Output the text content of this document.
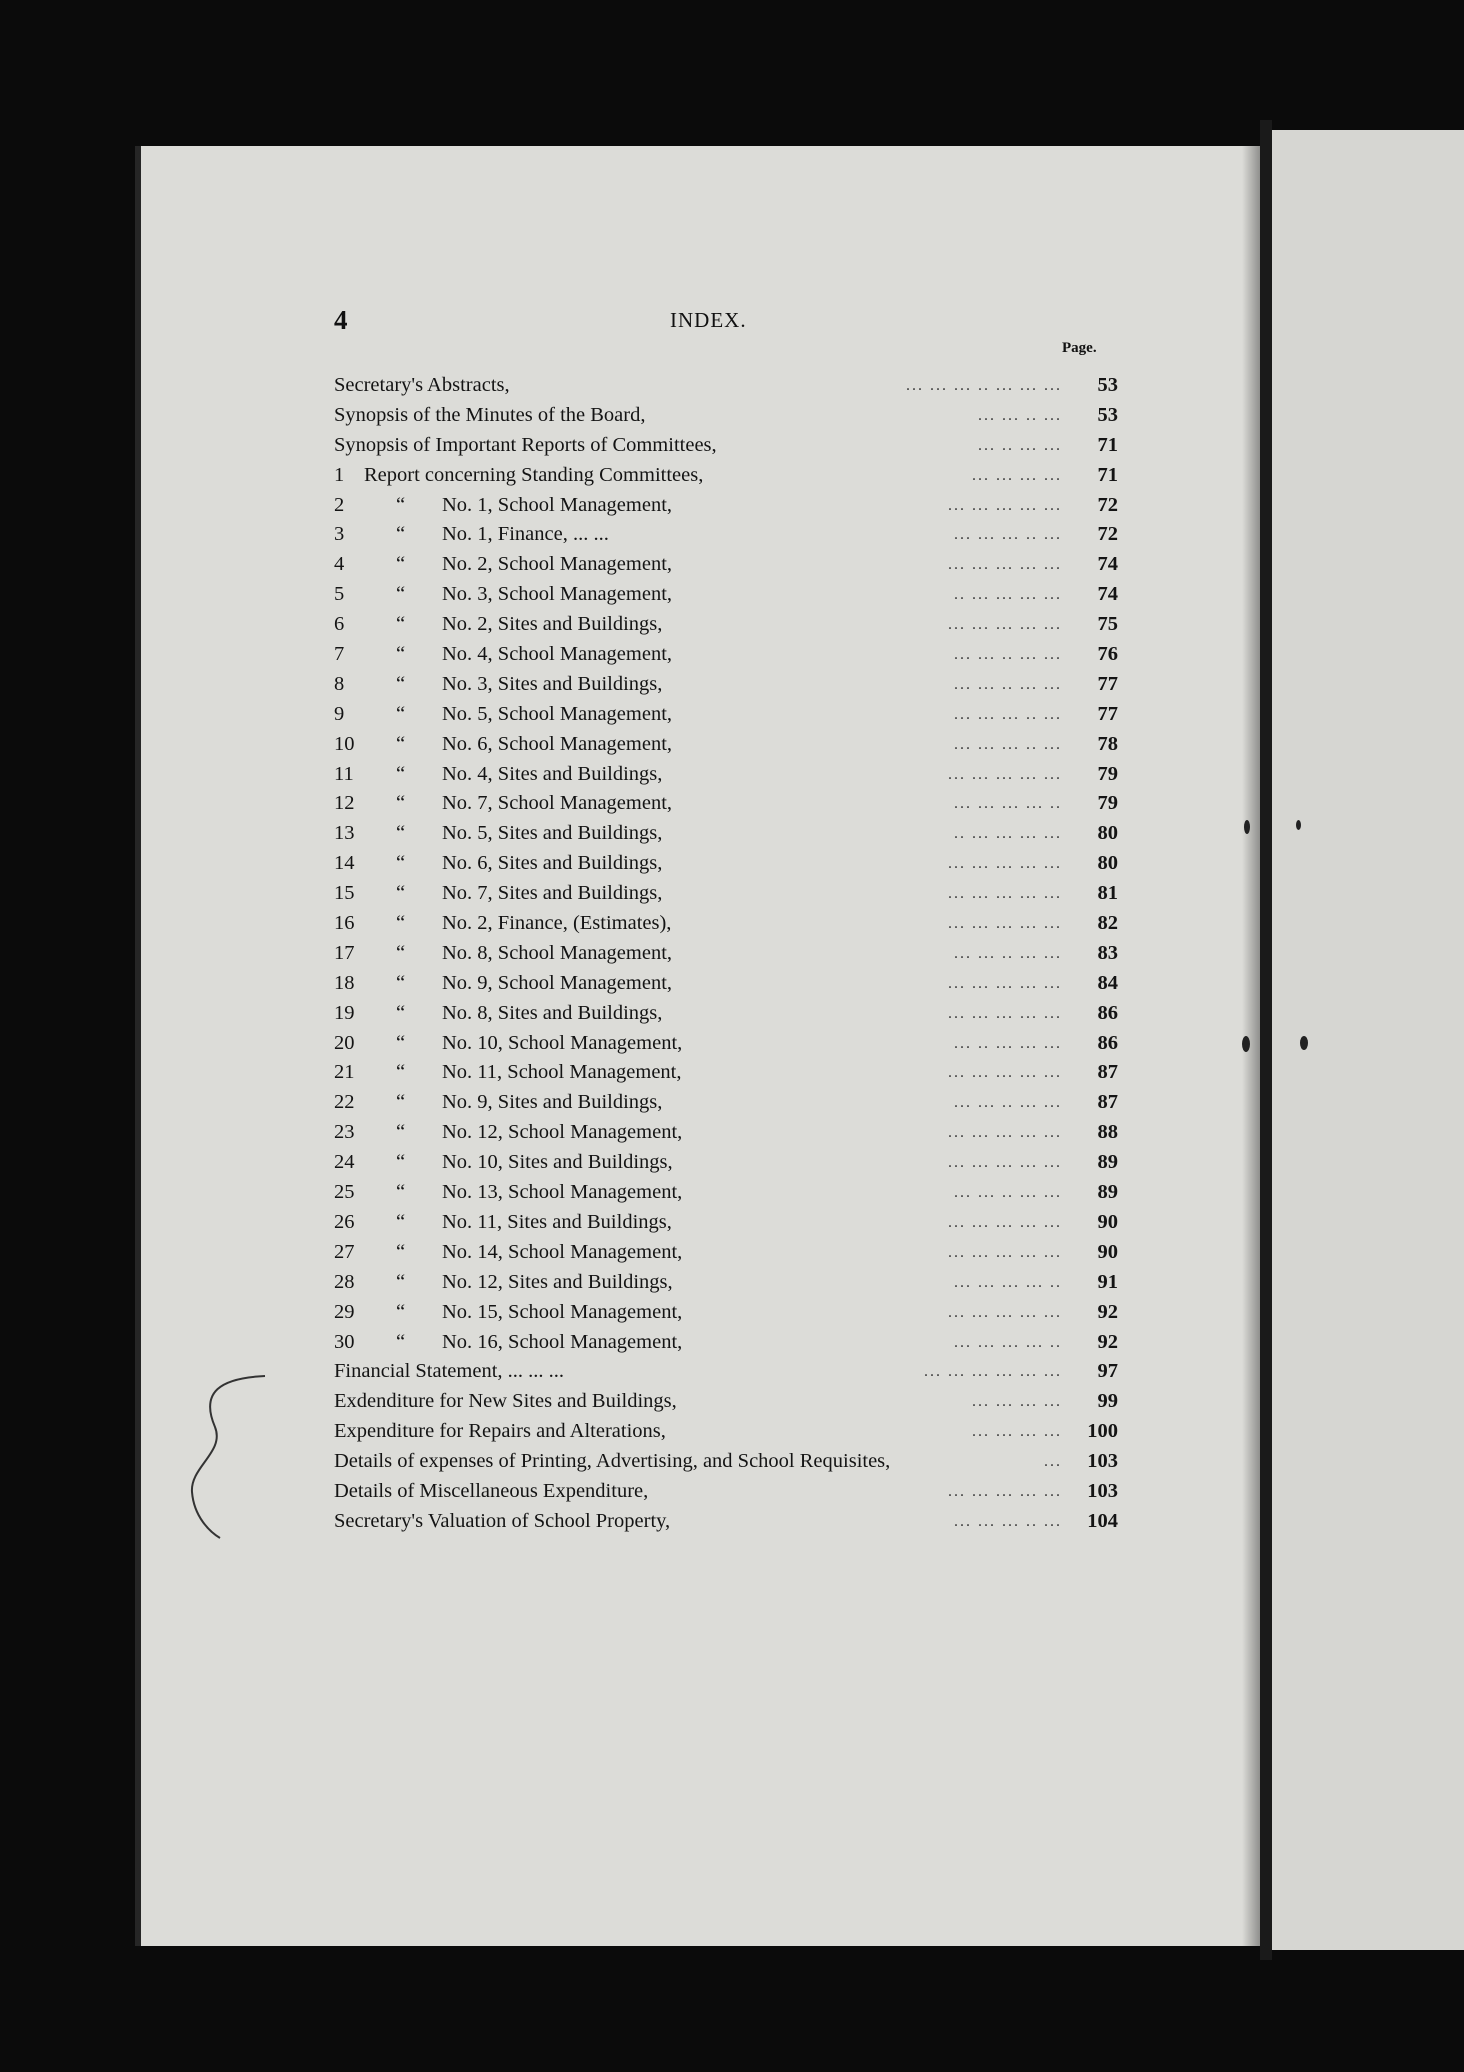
4	INDEX.
Page.
Secretary's Abstracts,	... ... ... .. ... ... ...	53
Synopsis of the Minutes of the Board,	... ... .. ...	53
Synopsis of Important Reports of Committees,	... .. ... ...	71
1 Report concerning Standing Committees,	... ... ... ...	71
2	“ No. 1, School Management,	... ... ... ... ...	72
3	“ No. 1, Finance, ... ...	... ... ... .. ...	72
4	“ No. 2, School Management,	... ... ... ... ...	74
5	“ No. 3, School Management,	.. ... ... ... ...	74
6	“ No. 2, Sites and Buildings,	... ... ... ... ...	75
7	“ No. 4, School Management,	... ... .. ... ...	76
8	“ No. 3, Sites and Buildings,	... ... .. ... ...	77
9	“ No. 5, School Management,	... ... ... .. ...	77
10 “ No. 6, School Management,	... ... ... .. ...	78
11 “ No. 4, Sites and Buildings,	... ... ... ... ...	79
12 “ No. 7, School Management,	... ... ... ... ..	79
13 “ No. 5, Sites and Buildings,	.. ... ... ... ...	80
14 “ No. 6, Sites and Buildings,	... ... ... ... ...	80
15 “ No. 7, Sites and Buildings,	... ... ... ... ...	81
16 “ No. 2, Finance, (Estimates),	... ... ... ... ...	82
17 “ No. 8, School Management,	... ... .. ... ...	83
18 “ No. 9, School Management,	... ... ... ... ...	84
19 “ No. 8, Sites and Buildings,	... ... ... ... ...	86
20 “ No. 10, School Management,	... .. ... ... ...	86
21 “ No. 11, School Management,	... ... ... ... ...	87
22 “ No. 9, Sites and Buildings,	... ... .. ... ...	87
23 “ No. 12, School Management,	... ... ... ... ...	88
24 “ No. 10, Sites and Buildings,	... ... ... ... ...	89
25 “ No. 13, School Management,	... ... .. ... ...	89
26 “ No. 11, Sites and Buildings,	... ... ... ... ...	90
27 “ No. 14, School Management,	... ... ... ... ...	90
28 “ No. 12, Sites and Buildings,	... ... ... ... ..	91
29 “ No. 15, School Management,	... ... ... ... ...	92
30 “ No. 16, School Management,	... ... ... ... ..	92
Financial Statement, ... ... ...	... ... ... ... ... ...	97
Exdenditure for New Sites and Buildings,	... ... ... ...	99
Expenditure for Repairs and Alterations,	... ... ... ...	100
Details of expenses of Printing, Advertising, and School Requisites,	...	103
Details of Miscellaneous Expenditure,	... ... ... ... ...	103
Secretary's Valuation of School Property,	... ... ... .. ...	104
